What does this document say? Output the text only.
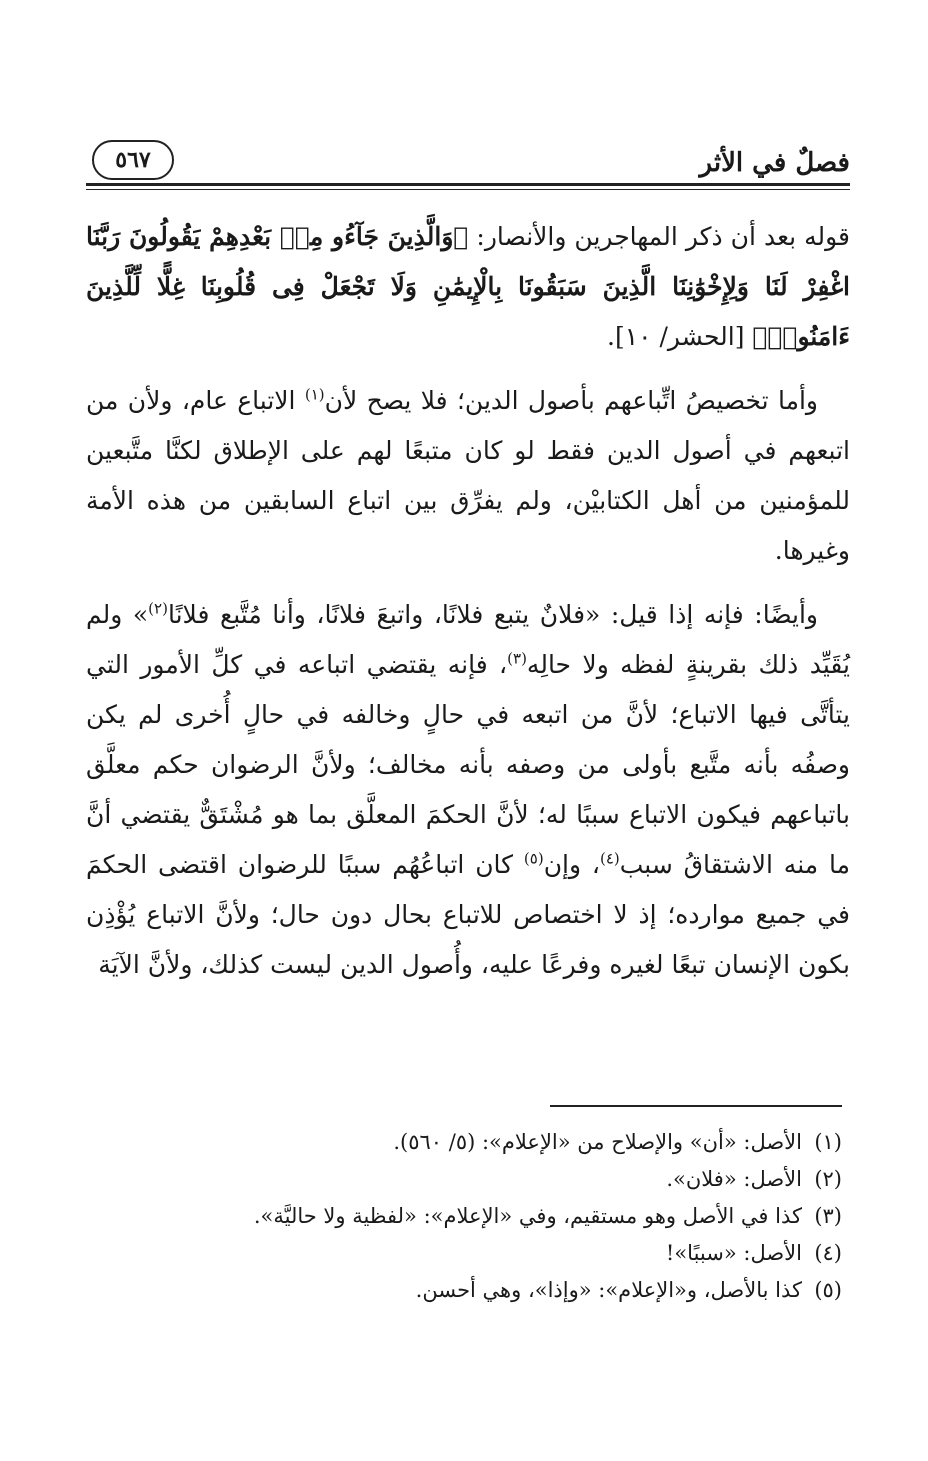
فصلٌ في الأثر
٥٦٧

قوله بعد أن ذكر المهاجرين والأنصار: ﴿وَالَّذِينَ جَآءُو مِنۢ بَعْدِهِمْ يَقُولُونَ رَبَّنَا اغْفِرْ لَنَا وَلِإِخْوَٰنِنَا الَّذِينَ سَبَقُونَا بِالْإِيمَٰنِ وَلَا تَجْعَلْ فِى قُلُوبِنَا غِلًّا لِّلَّذِينَ ءَامَنُوا۟﴾ [الحشر/ ١٠].

وأما تخصيصُ اتِّباعهم بأصول الدين؛ فلا يصح لأن$^{(١)}$ الاتباع عام، ولأن من اتبعهم في أصول الدين فقط لو كان متبعًا لهم على الإطلاق لكنَّا متَّبعين للمؤمنين من أهل الكتابيْن، ولم يفرِّق بين اتباع السابقين من هذه الأمة وغيرها.

وأيضًا: فإنه إذا قيل: «فلانٌ يتبع فلانًا، واتبعَ فلانًا، وأنا مُتَّبع فلانًا$^{(٢)}$» ولم يُقَيِّد ذلك بقرينةٍ لفظه ولا حالِه$^{(٣)}$، فإنه يقتضي اتباعه في كلِّ الأمور التي يتأتَّى فيها الاتباع؛ لأنَّ من اتبعه في حالٍ وخالفه في حالٍ أُخرى لم يكن وصفُه بأنه متَّبع بأولى من وصفه بأنه مخالف؛ ولأنَّ الرضوان حكم معلَّق باتباعهم فيكون الاتباع سببًا له؛ لأنَّ الحكمَ المعلَّق بما هو مُشْتَقٌّ يقتضي أنَّ ما منه الاشتقاقُ سبب$^{(٤)}$، وإن$^{(٥)}$ كان اتباعُهُم سببًا للرضوان اقتضى الحكمَ في جميع موارده؛ إذ لا اختصاص للاتباع بحال دون حال؛ ولأنَّ الاتباع يُؤْذِن بكون الإنسان تبعًا لغيره وفرعًا عليه، وأُصول الدين ليست كذلك، ولأنَّ الآيَة

(١)الأصل: «أن» والإصلاح من «الإعلام»: (٥/ ٥٦٠).
(٢)الأصل: «فلان».
(٣)كذا في الأصل وهو مستقيم، وفي «الإعلام»: «لفظية ولا حاليَّة».
(٤)الأصل: «سببًا»!
(٥)كذا بالأصل، و«الإعلام»: «وإذا»، وهي أحسن.
